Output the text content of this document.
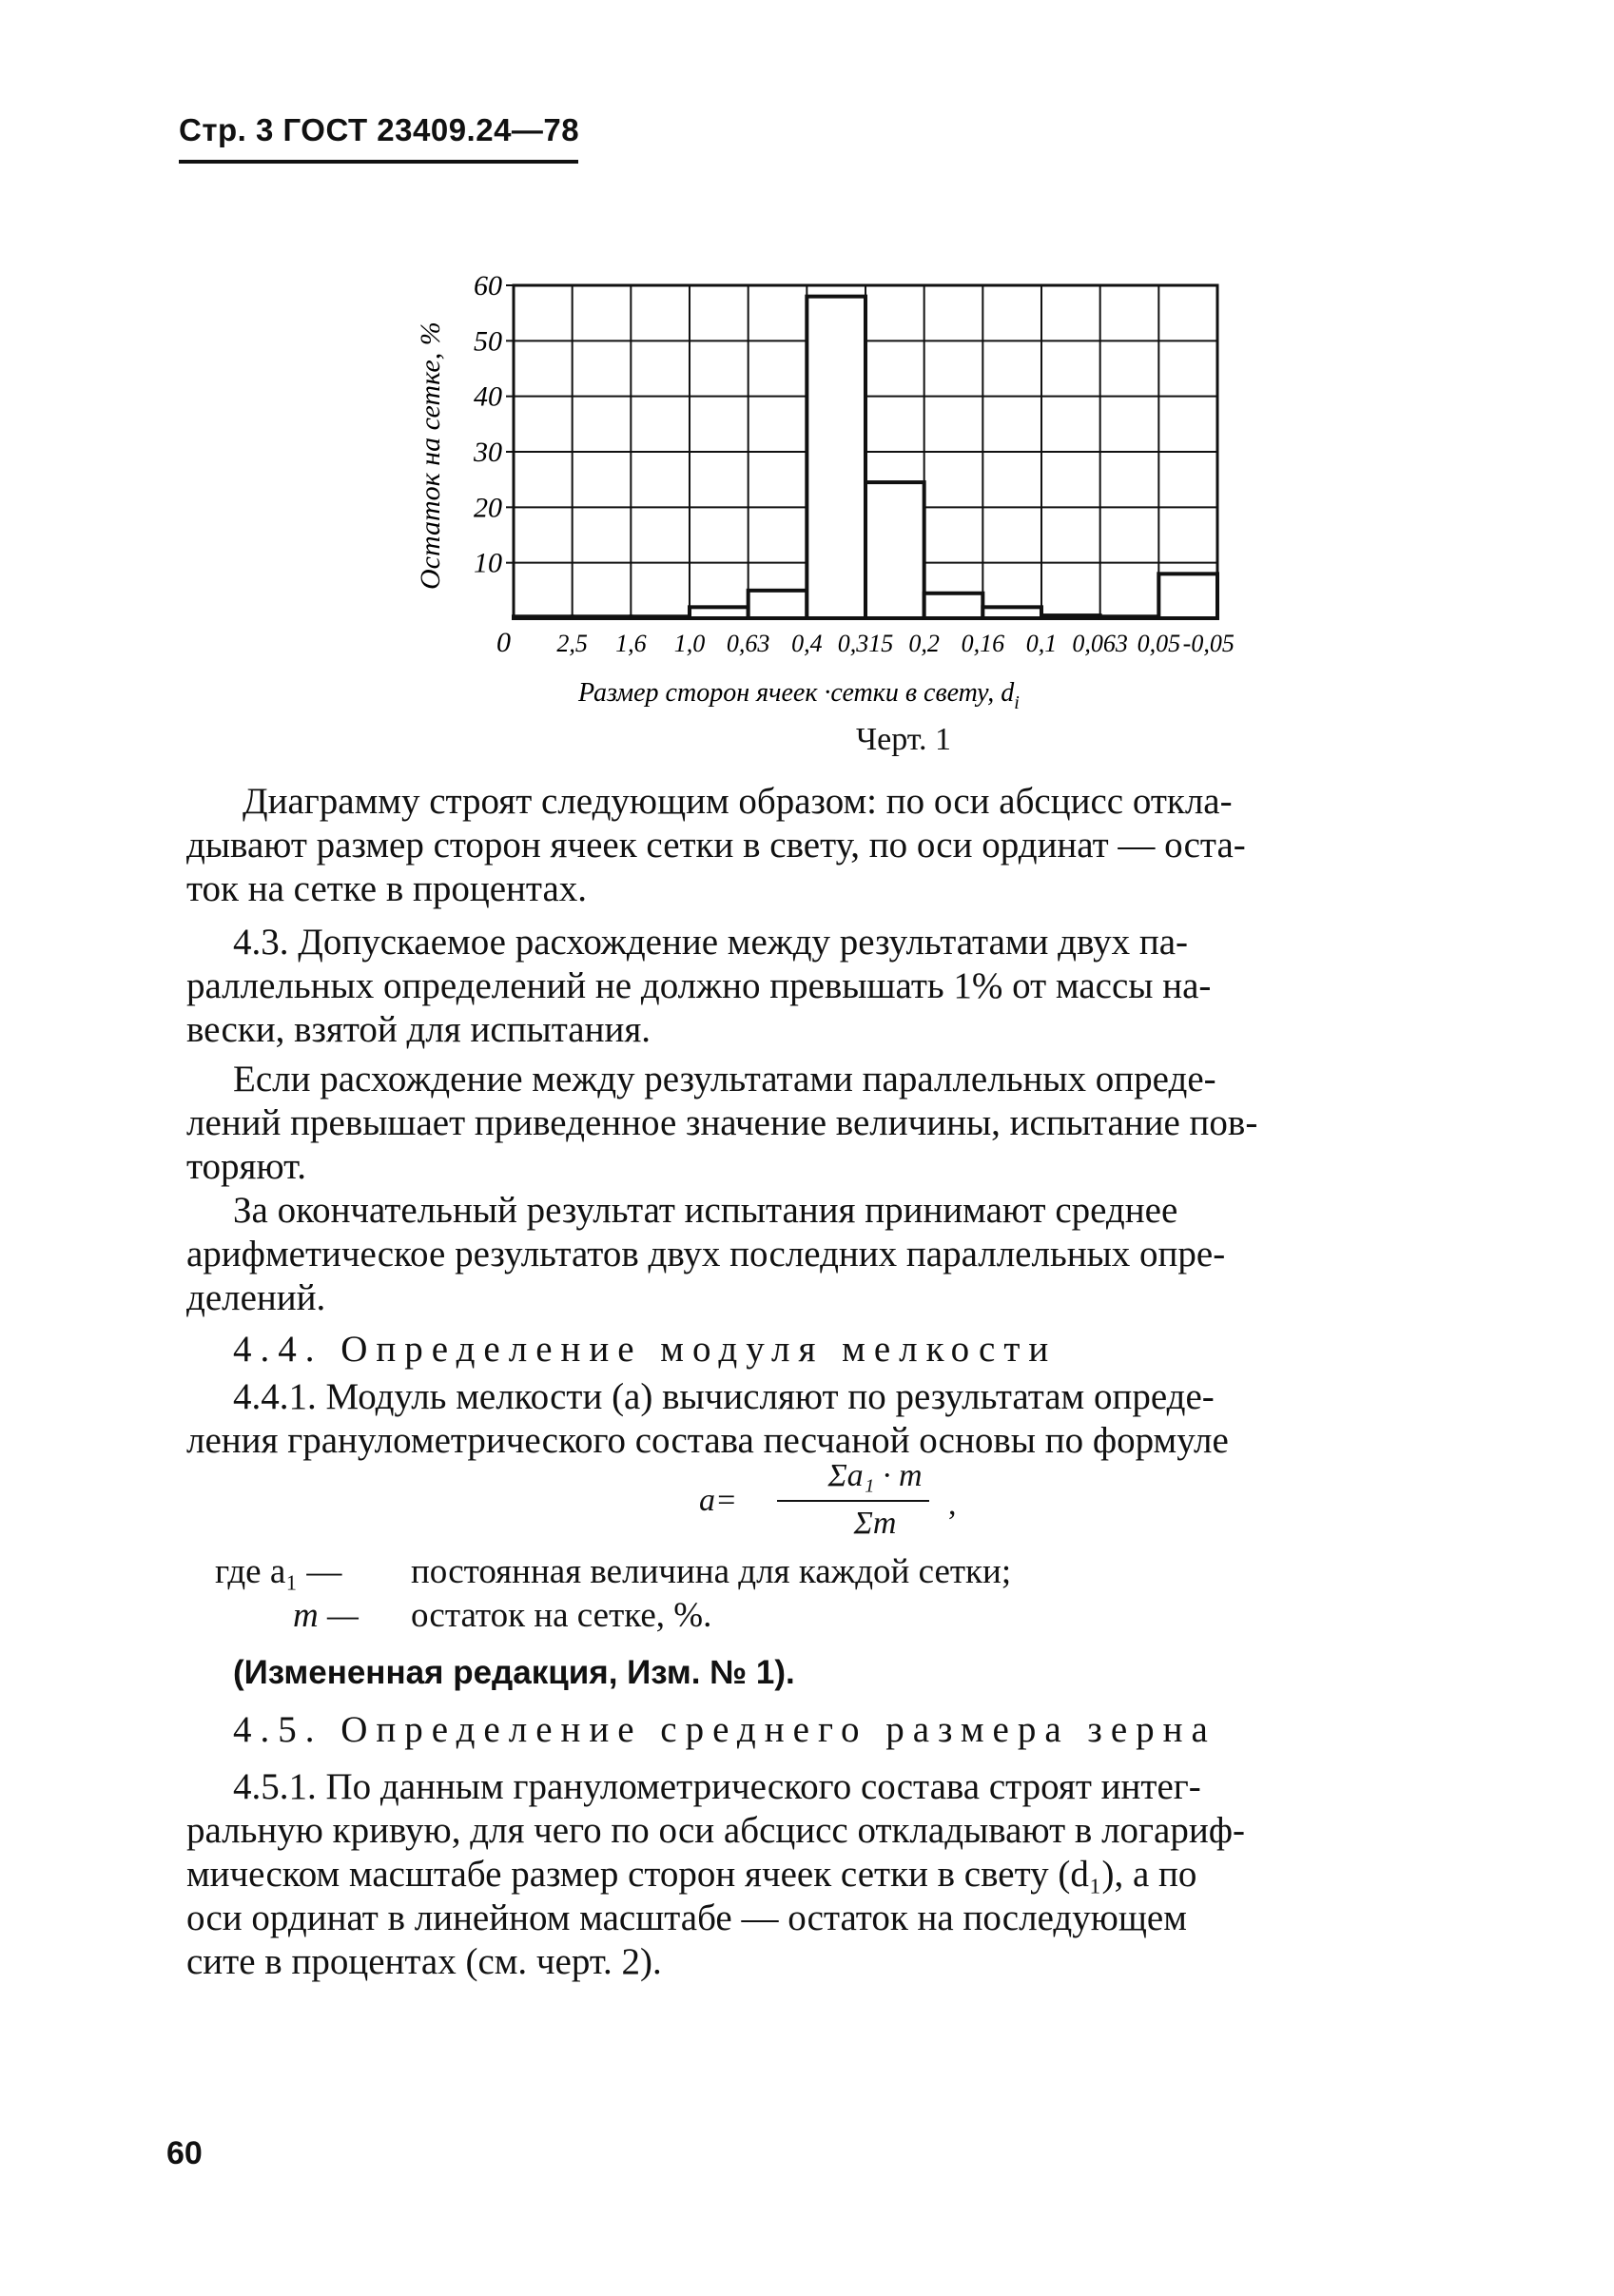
Стр. 3 ГОСТ 23409.24—78
10
20
30
40
50
60
2,5 1,6 1,0 0,63 0,4 0,315 0,2 0,16 0,1 0,063 0,05 -0,05
0
Остаток на сетке, %
Размер сторон ячеек ·сетки в свету, $d_i$
Черт. 1
Диаграмму строят следующим образом: по оси абсцисс откла-
дывают размер сторон ячеек сетки в свету, по оси ординат — оста-
ток на сетке в процентах.
4.3. Допускаемое расхождение между результатами двух па-
раллельных определений не должно превышать 1% от массы на-
вески, взятой для испытания.
Если расхождение между результатами параллельных опреде-
лений превышает приведенное значение величины, испытание пов-
торяют.
За окончательный результат испытания принимают среднее
арифметическое результатов двух последних параллельных опре-
делений.
4.4. Определение модуля мелкости
4.4.1. Модуль мелкости (a) вычисляют по результатам опреде-
ления гранулометрического состава песчаной основы по формуле
a=
Σa₁ · m
Σm
,
где a₁ — постоянная величина для каждой сетки;
m — остаток на сетке, %.
(Измененная редакция, Изм. № 1).
4.5. Определение среднего размера зерна
4.5.1. По данным гранулометрического состава строят интег-
ральную кривую, для чего по оси абсцисс откладывают в логариф-
мическом масштабе размер сторон ячеек сетки в свету (d₁), а по
оси ординат в линейном масштабе — остаток на последующем
сите в процентах (см. черт. 2).
60
